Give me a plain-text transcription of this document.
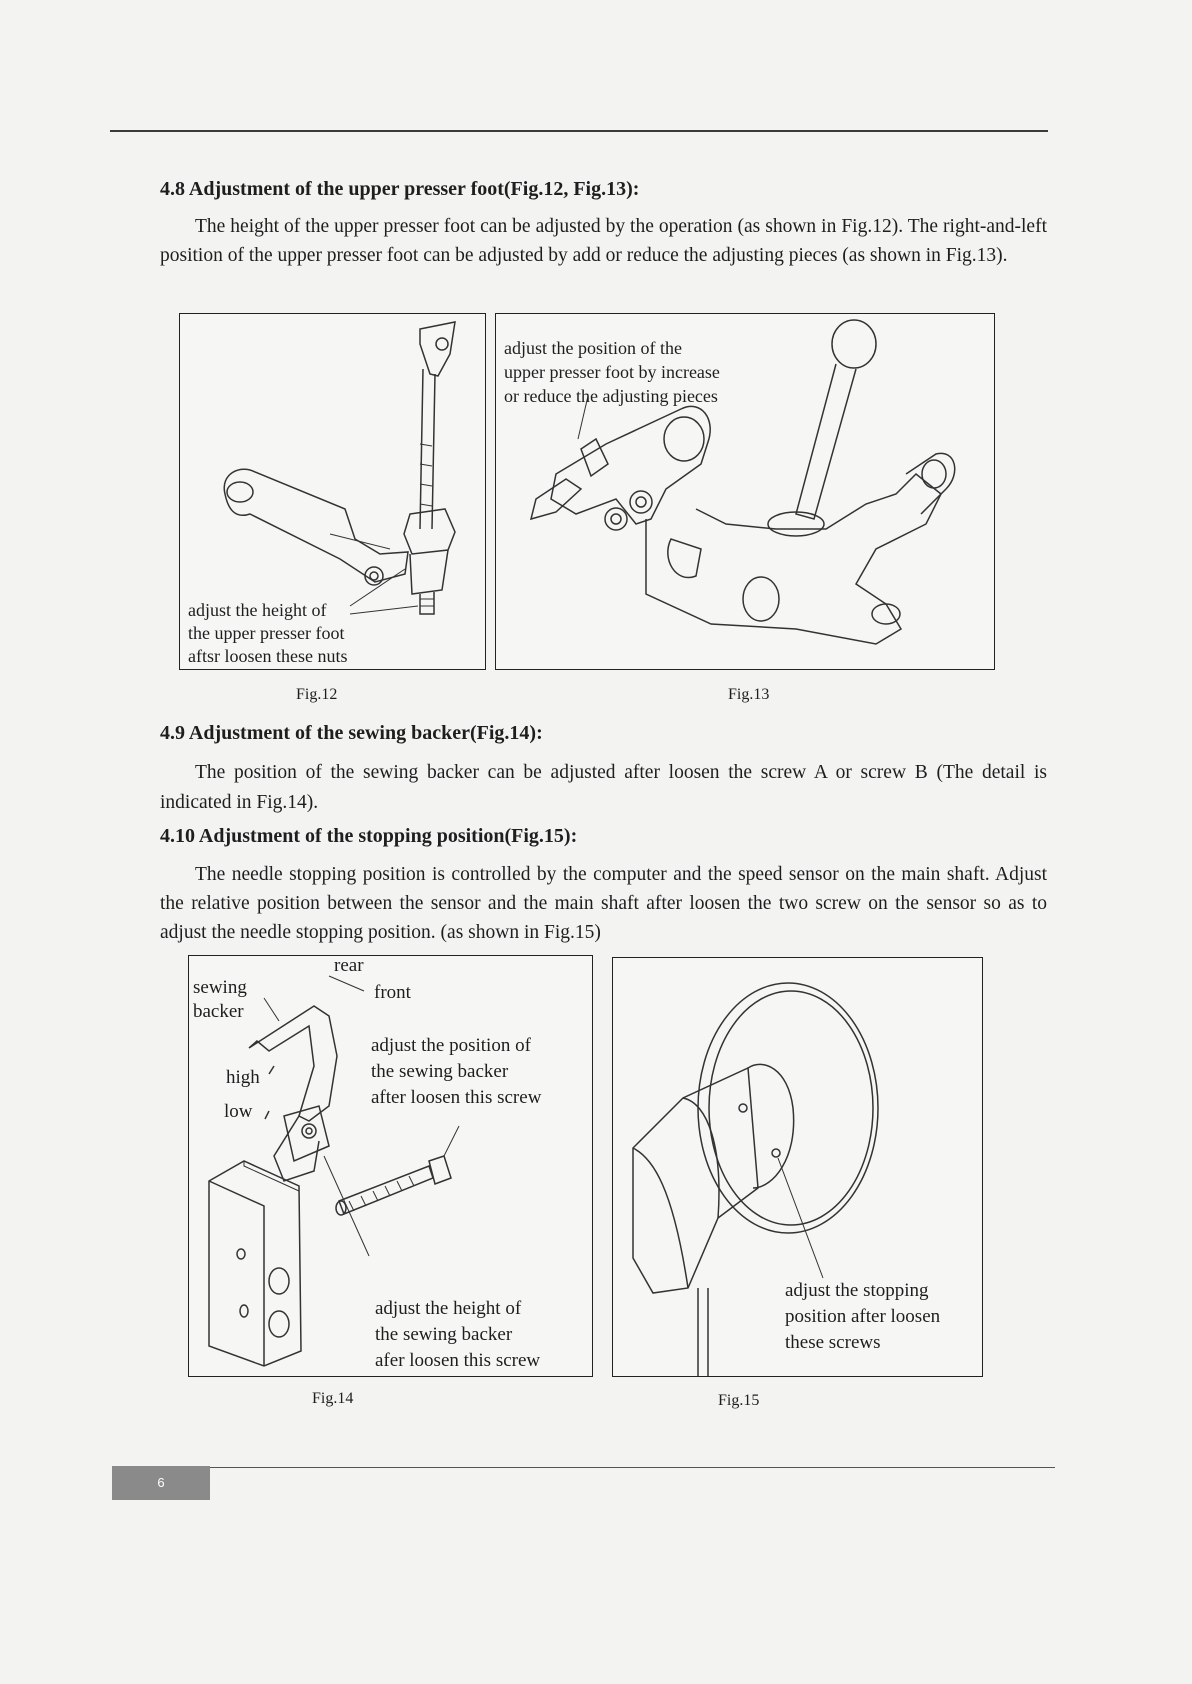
4.8 Adjustment of the upper presser foot(Fig.12, Fig.13):

The height of the upper presser foot can be adjusted by the operation (as shown in Fig.12). The right-and-left position of the upper presser foot can be adjusted by add or reduce the adjusting pieces (as shown in Fig.13).

adjust the height of
the upper presser foot
aftsr loosen these nuts
adjust the position of the
upper presser foot by increase
or reduce the adjusting pieces
Fig.12	Fig.13
4.9 Adjustment of the sewing backer(Fig.14):

The position of the sewing backer can be adjusted after loosen the screw A or screw B (The detail is indicated in Fig.14).

4.10 Adjustment of the stopping position(Fig.15):

The needle stopping position is controlled by the computer and the speed sensor on the main shaft. Adjust the relative position between the sensor and the main shaft after loosen the two screw on the sensor so as to adjust the needle stopping position. (as shown in Fig.15)

sewing
backer
rear
front
high
low
adjust the position of
the sewing backer
after loosen this screw
adjust the height of
the sewing backer
afer loosen this screw
adjust the stopping
position after loosen
these screws
Fig.14	Fig.15
6
